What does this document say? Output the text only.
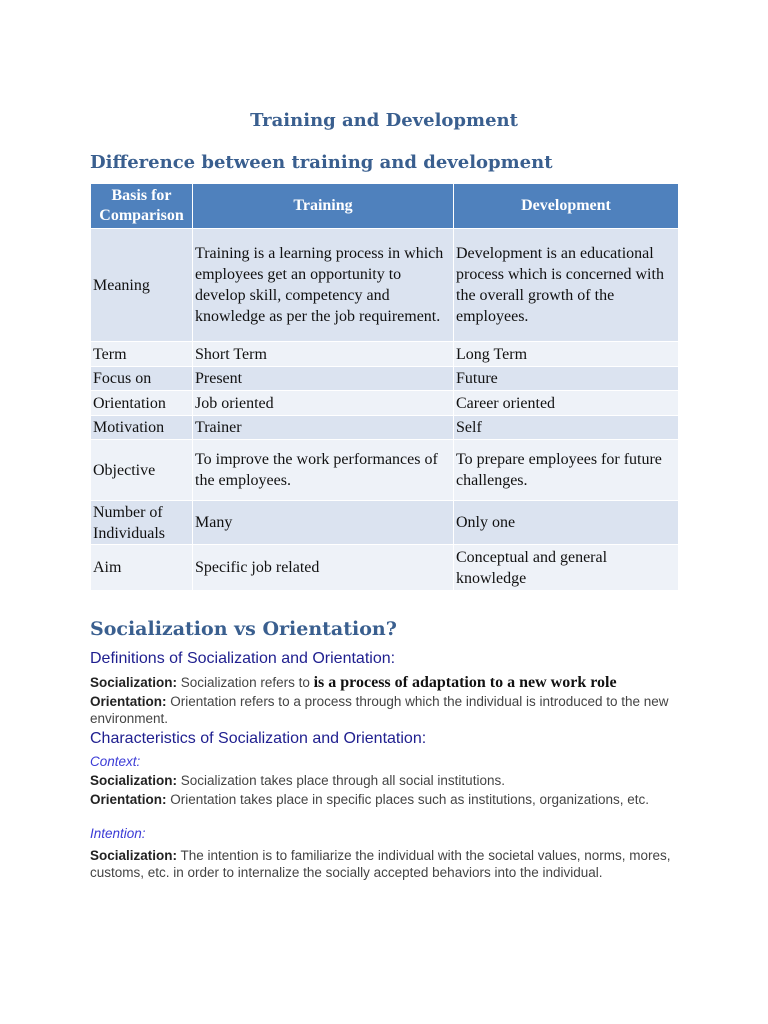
Training and Development
Difference between training and development
Basis for Comparison	Training	Development
Meaning	Training is a learning process in which employees get an opportunity to develop skill, competency and knowledge as per the job requirement.	Development is an educational process which is concerned with the overall growth of the employees.
Term	Short Term	Long Term
Focus on	Present	Future
Orientation	Job oriented	Career oriented
Motivation	Trainer	Self
Objective	To improve the work performances of the employees.	To prepare employees for future challenges.
Number of Individuals	Many	Only one
Aim	Specific job related	Conceptual and general knowledge
Socialization vs Orientation?
Definitions of Socialization and Orientation:
Socialization: Socialization refers to is a process of adaptation to a new work role
Orientation: Orientation refers to a process through which the individual is introduced to the new environment.
Characteristics of Socialization and Orientation:
Context:
Socialization: Socialization takes place through all social institutions.
Orientation: Orientation takes place in specific places such as institutions, organizations, etc.
Intention:
Socialization: The intention is to familiarize the individual with the societal values, norms, mores, customs, etc. in order to internalize the socially accepted behaviors into the individual.
